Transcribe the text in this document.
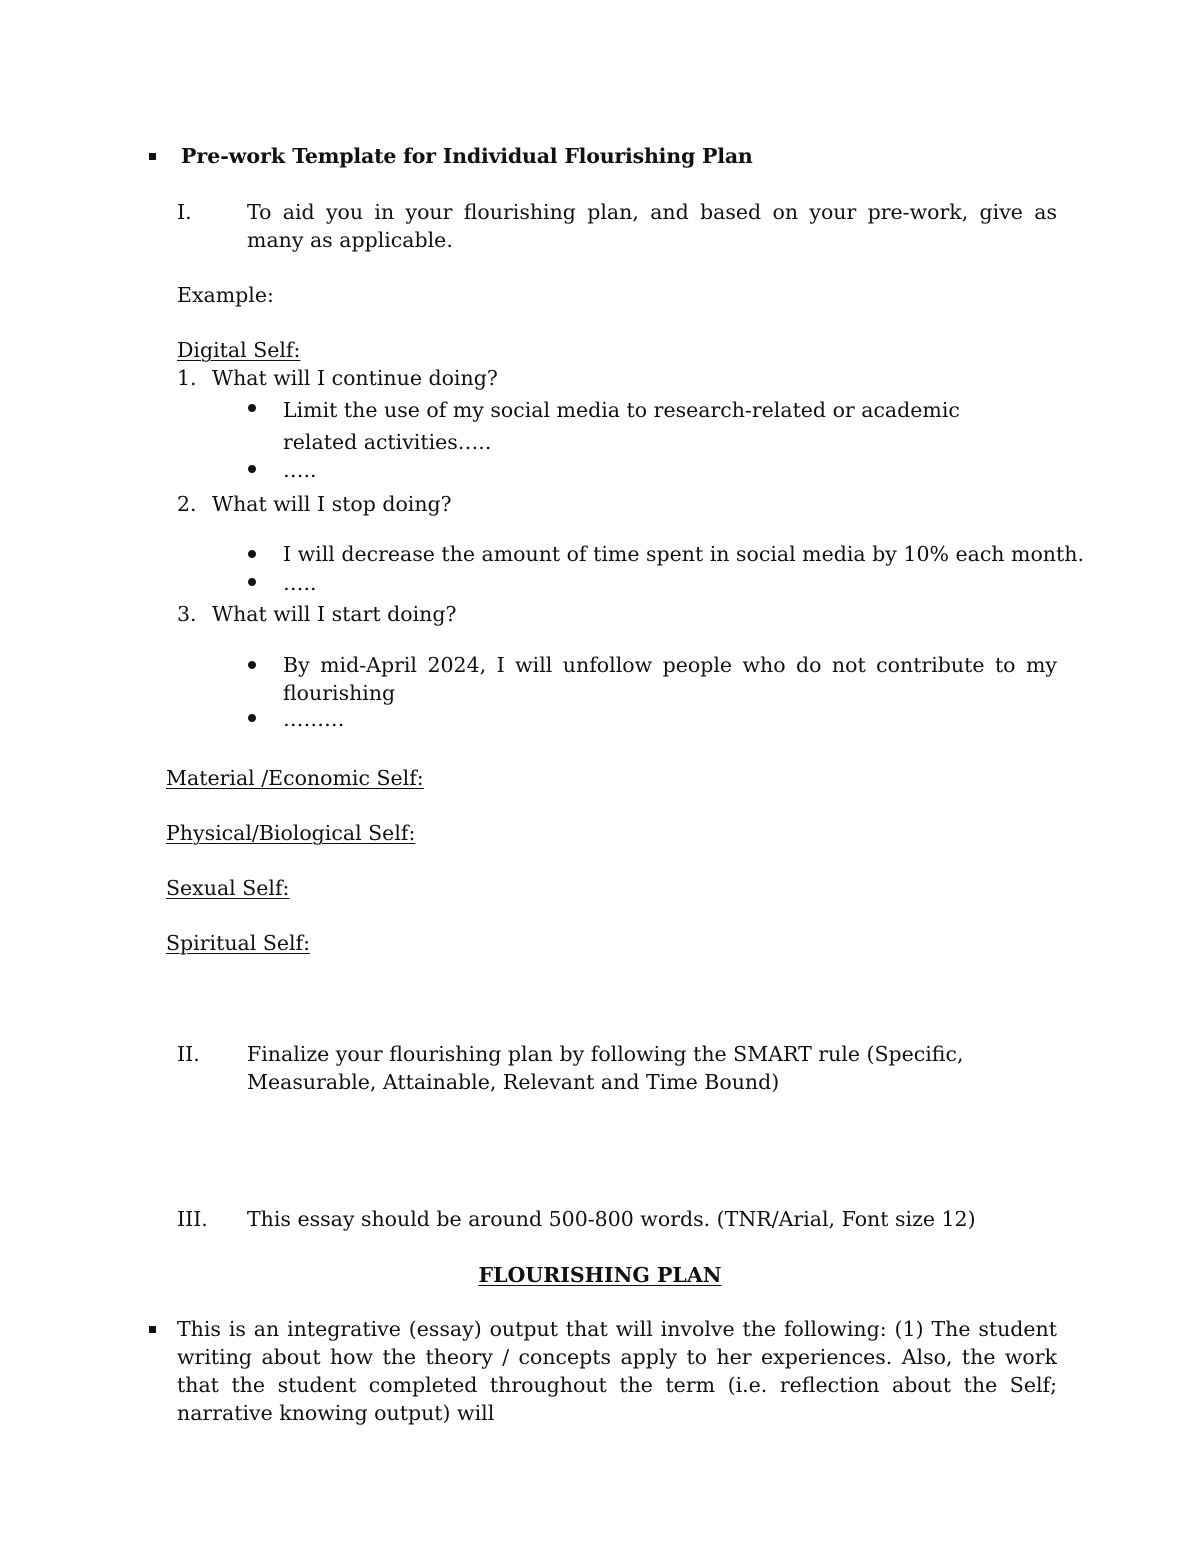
Pre-work Template for Individual Flourishing Plan
I.	To aid you in your flourishing plan, and based on your pre-work, give as many as applicable.
Example:
Digital Self:
1. What will I continue doing?
Limit the use of my social media to research-related or academic related activities…..
…..
2. What will I stop doing?
I will decrease the amount of time spent in social media by 10% each month.
…..
3. What will I start doing?
By mid-April 2024, I will unfollow people who do not contribute to my flourishing
………
Material /Economic Self:
Physical/Biological Self:
Sexual Self:
Spiritual Self:
II. Finalize your flourishing plan by following the SMART rule (Specific, Measurable, Attainable, Relevant and Time Bound)
III. This essay should be around 500-800 words. (TNR/Arial, Font size 12)
FLOURISHING PLAN
This is an integrative (essay) output that will involve the following: (1) The student writing about how the theory / concepts apply to her experiences. Also, the work that the student completed throughout the term (i.e. reflection about the Self; narrative knowing output) will
